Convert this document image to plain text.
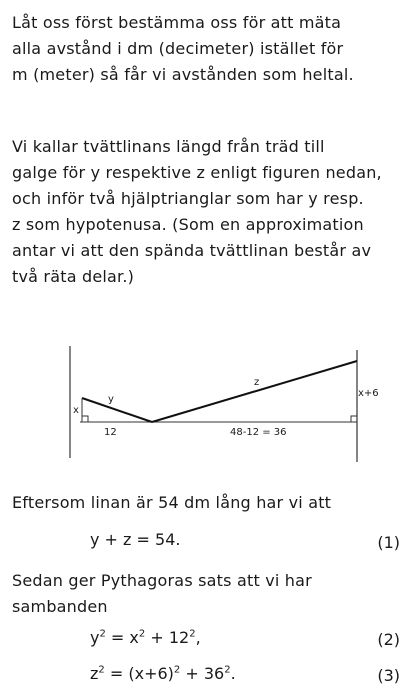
Låt oss först bestämma oss för att mäta
alla avstånd i dm (decimeter) istället för
m (meter) så får vi avstånden som heltal.
Vi kallar tvättlinans längd från träd till
galge för y respektive z enligt figuren nedan,
och inför två hjälptrianglar som har y resp.
z som hypotenusa. (Som en approximation
antar vi att den spända tvättlinan består av
två räta delar.)
x
y
z
x+6
12	48-12 = 36
Eftersom linan är 54 dm lång har vi att
y + z = 54.	(1)
Sedan ger Pythagoras sats att vi har
sambanden
$y^2 = x^2 + 12^2$,	(2)
$z^2 = (x+6)^2 + 36^2$.	(3)
